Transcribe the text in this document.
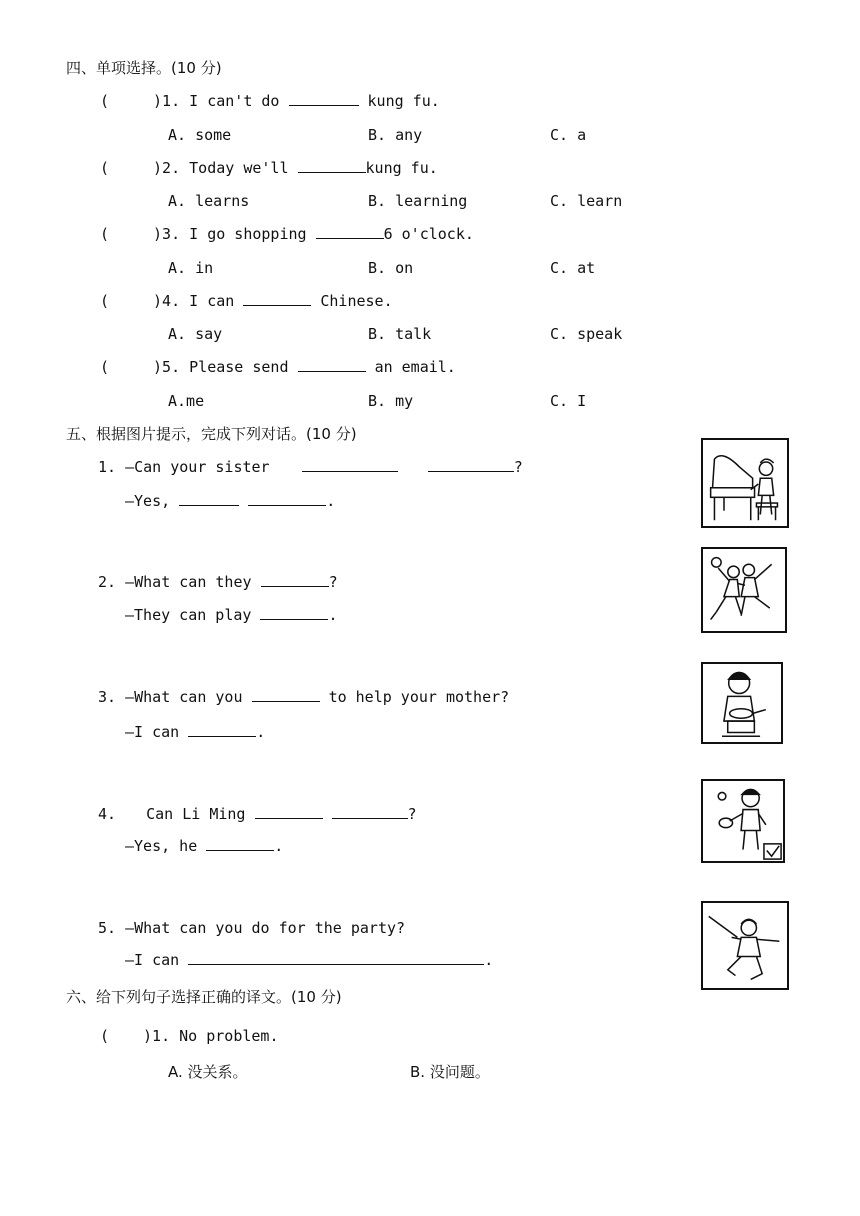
四、单项选择。(10 分)
(	)1. I can't do	kung fu.
A. some	B. any	C. a
(	)2. Today we'll	kung fu.
A. learns	B. learning	C. learn
(	)3. I go shopping	6 o'clock.
A. in	B. on	C. at
(	)4. I can	Chinese.
A. say	B. talk	C. speak
(	)5. Please send	an email.
A.me	B. my	C. I
五、根据图片提示，完成下列对话。(10 分)
1. —Can your sister	?
—Yes,	.
2. —What can they	?
—They can play	.
3. —What can you	to help your mother?
—I can	.
4. Can Li Ming	?
—Yes, he	.
5. —What can you do for the party?
—I can	.
六、给下列句子选择正确的译文。(10 分)
( )1. No problem.
A. 没关系。	B. 没问题。
